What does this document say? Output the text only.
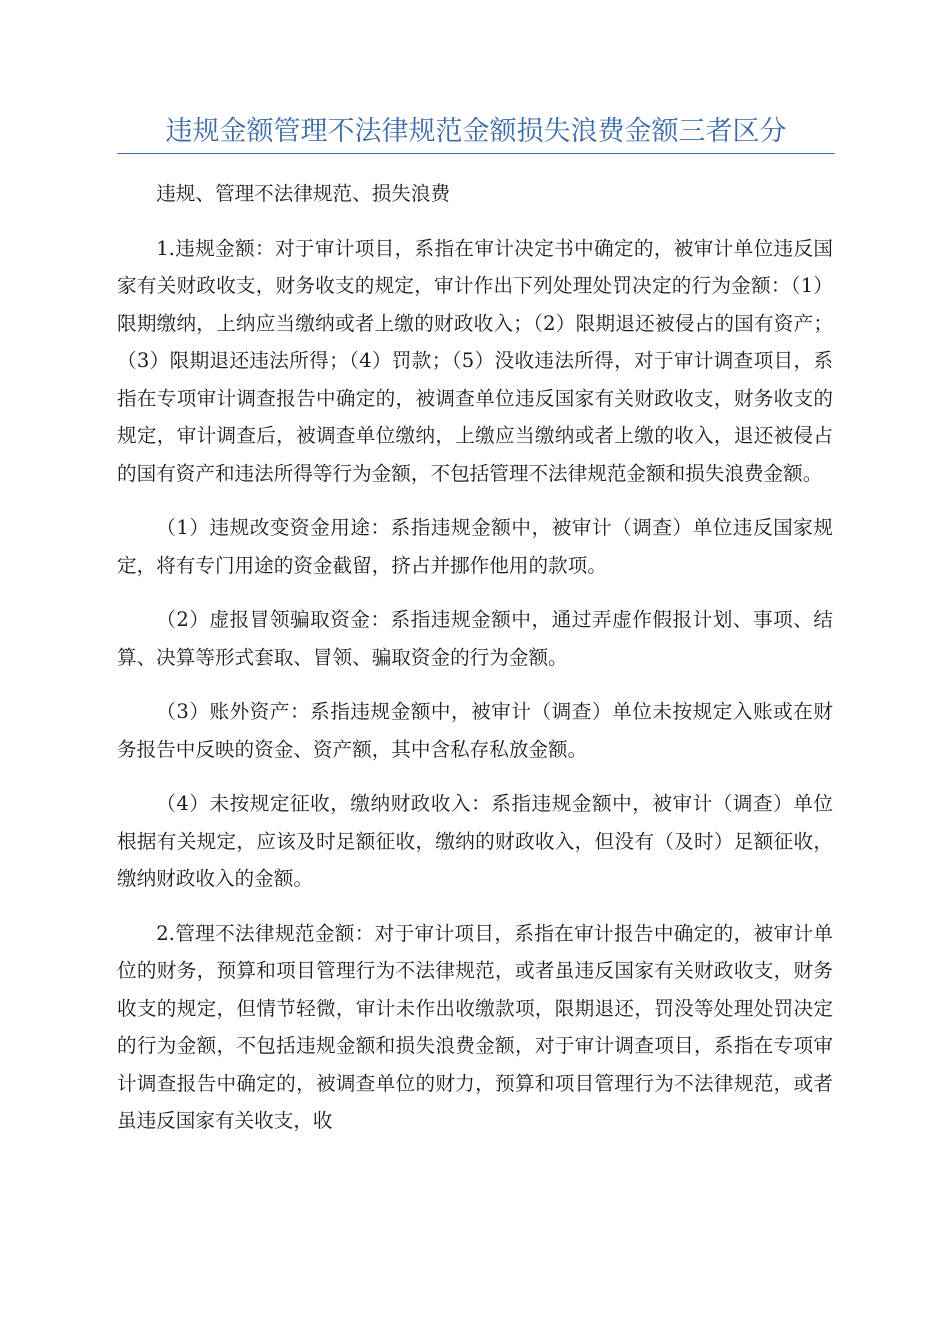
违规金额管理不法律规范金额损失浪费金额三者区分

违规、管理不法律规范、损失浪费

1.违规金额：对于审计项目，系指在审计决定书中确定的，被审计单位违反国家有关财政收支，财务收支的规定，审计作出下列处理处罚决定的行为金额：（1）限期缴纳，上纳应当缴纳或者上缴的财政收入；（2）限期退还被侵占的国有资产；（3）限期退还违法所得；（4）罚款；（5）没收违法所得，对于审计调查项目，系指在专项审计调查报告中确定的，被调查单位违反国家有关财政收支，财务收支的规定，审计调查后，被调查单位缴纳，上缴应当缴纳或者上缴的收入，退还被侵占的国有资产和违法所得等行为金额，不包括管理不法律规范金额和损失浪费金额。

（1）违规改变资金用途：系指违规金额中，被审计（调查）单位违反国家规定，将有专门用途的资金截留，挤占并挪作他用的款项。

（2）虚报冒领骗取资金：系指违规金额中，通过弄虚作假报计划、事项、结算、决算等形式套取、冒领、骗取资金的行为金额。

（3）账外资产：系指违规金额中，被审计（调查）单位未按规定入账或在财务报告中反映的资金、资产额，其中含私存私放金额。

（4）未按规定征收，缴纳财政收入：系指违规金额中，被审计（调查）单位根据有关规定，应该及时足额征收，缴纳的财政收入，但没有（及时）足额征收，缴纳财政收入的金额。

2.管理不法律规范金额：对于审计项目，系指在审计报告中确定的，被审计单位的财务，预算和项目管理行为不法律规范，或者虽违反国家有关财政收支，财务收支的规定，但情节轻微，审计未作出收缴款项，限期退还，罚没等处理处罚决定的行为金额，不包括违规金额和损失浪费金额，对于审计调查项目，系指在专项审计调查报告中确定的，被调查单位的财力，预算和项目管理行为不法律规范，或者虽违反国家有关收支，收
